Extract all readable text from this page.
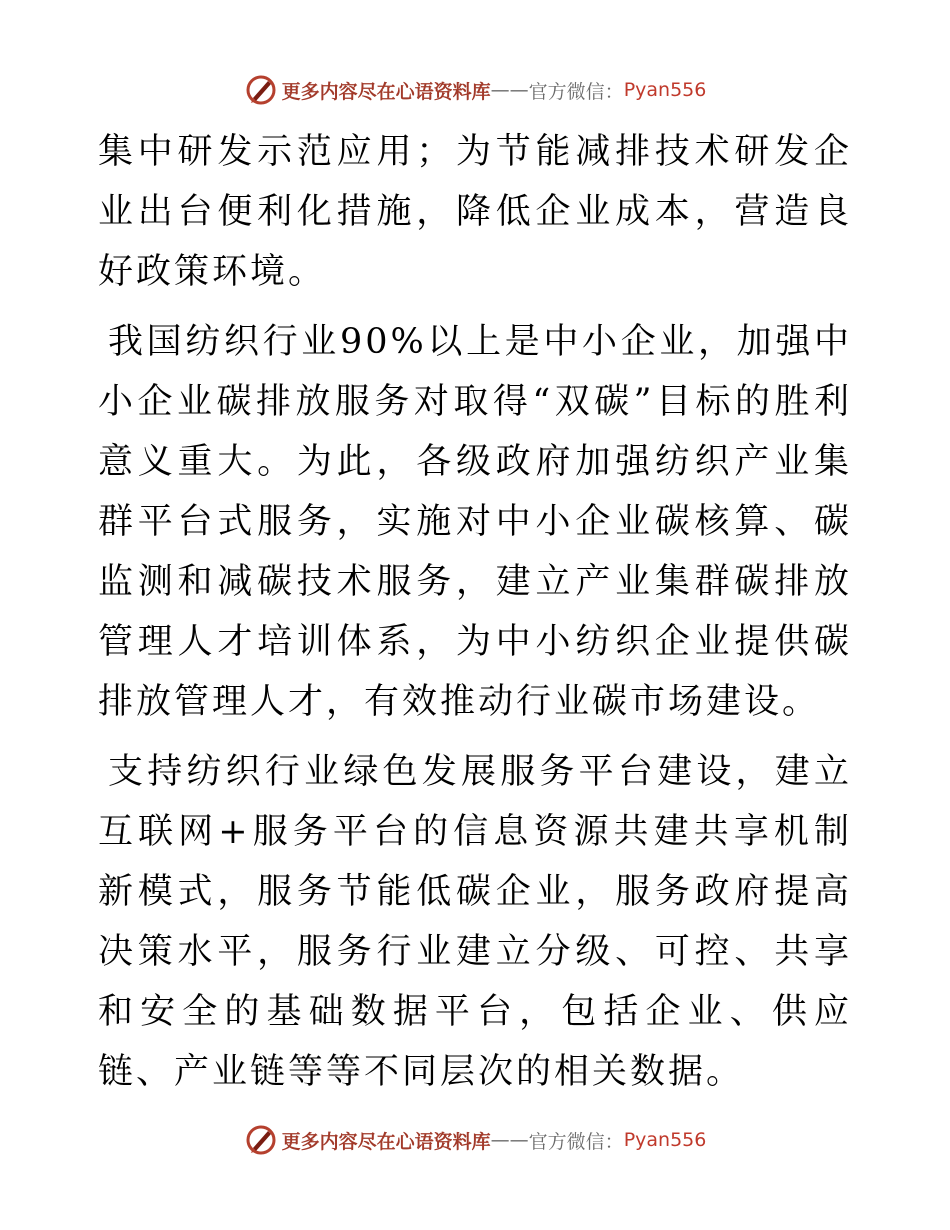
更多内容尽在心语资料库 —— 官方微信： Pyan556

集中研发示范应用；为节能减排技术研发企业出台便利化措施，降低企业成本，营造良好政策环境。

我国纺织行业90%以上是中小企业，加强中小企业碳排放服务对取得“双碳”目标的胜利意义重大。为此，各级政府加强纺织产业集群平台式服务，实施对中小企业碳核算、碳监测和减碳技术服务，建立产业集群碳排放管理人才培训体系，为中小纺织企业提供碳排放管理人才，有效推动行业碳市场建设。

支持纺织行业绿色发展服务平台建设，建立互联网+服务平台的信息资源共建共享机制新模式，服务节能低碳企业，服务政府提高决策水平，服务行业建立分级、可控、共享和安全的基础数据平台，包括企业、供应链、产业链等等不同层次的相关数据。

更多内容尽在心语资料库 —— 官方微信： Pyan556
